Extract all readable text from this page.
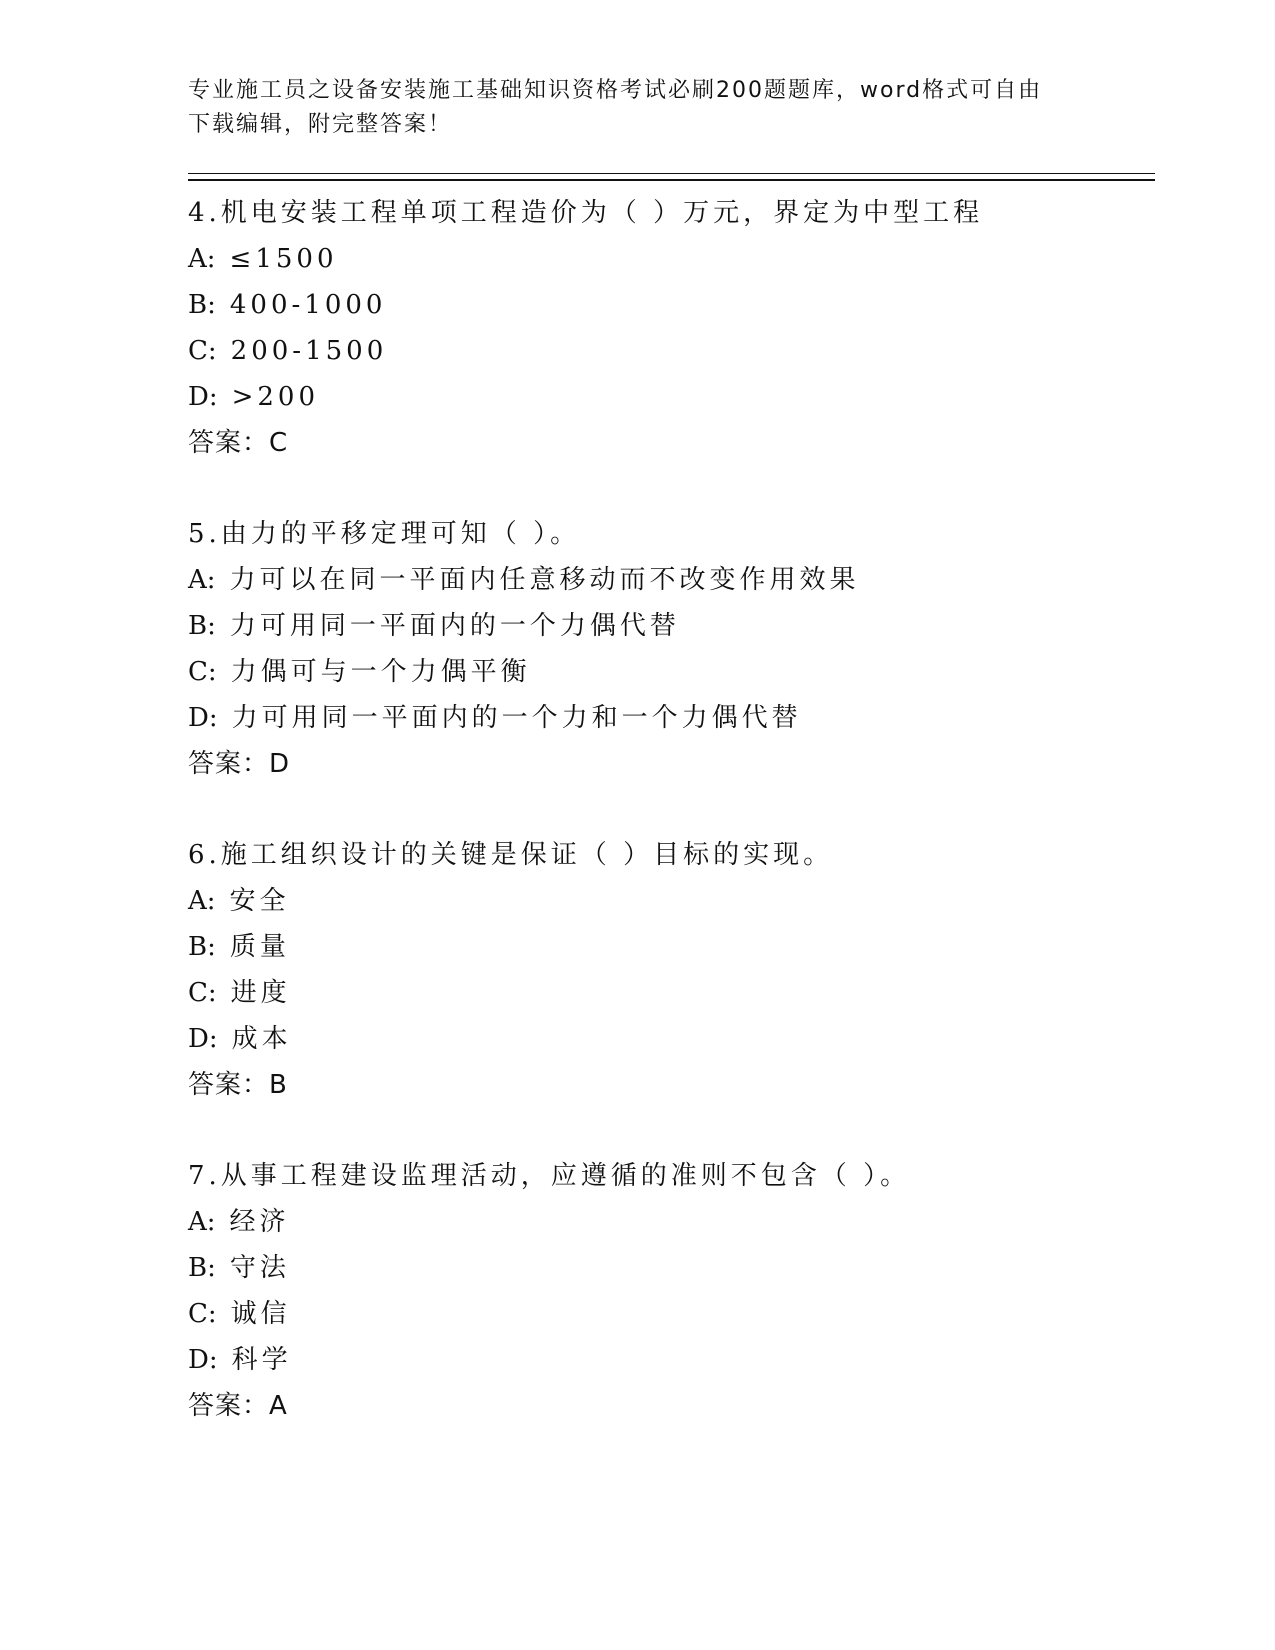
专业施工员之设备安装施工基础知识资格考试必刷200题题库，word格式可自由
下载编辑，附完整答案！
4.机电安装工程单项工程造价为（ ）万元，界定为中型工程
A: ≤1500
B: 400-1000
C: 200-1500
D: >200
答案：C
5.由力的平移定理可知（ ）。
A: 力可以在同一平面内任意移动而不改变作用效果
B: 力可用同一平面内的一个力偶代替
C: 力偶可与一个力偶平衡
D: 力可用同一平面内的一个力和一个力偶代替
答案：D
6.施工组织设计的关键是保证（ ）目标的实现。
A: 安全
B: 质量
C: 进度
D: 成本
答案：B
7.从事工程建设监理活动，应遵循的准则不包含（ ）。
A: 经济
B: 守法
C: 诚信
D: 科学
答案：A
